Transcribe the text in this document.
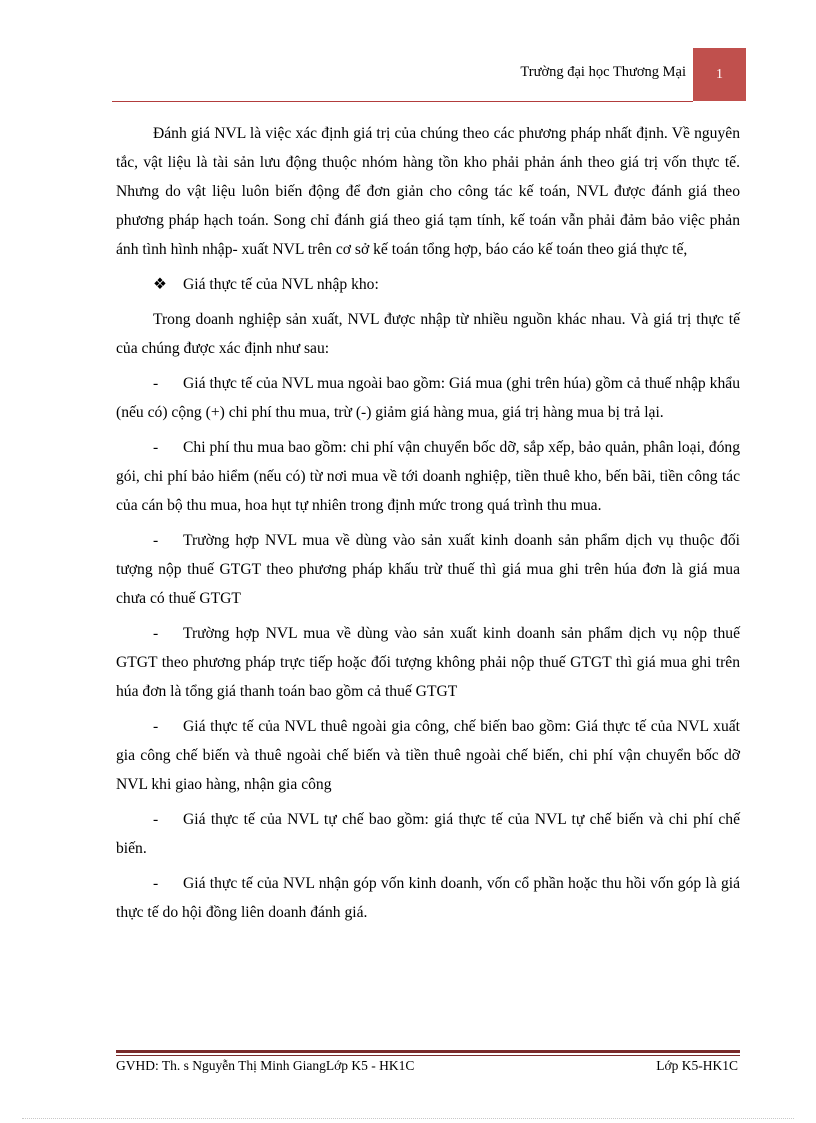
Trường đại học Thương Mại	1

Đánh giá NVL là việc xác định giá trị của chúng theo các phương pháp nhất định. Về nguyên tắc, vật liệu là tài sản lưu động thuộc nhóm hàng tồn kho phải phản ánh theo giá trị vốn thực tế. Nhưng do vật liệu luôn biến động để đơn giản cho công tác kế toán, NVL được đánh giá theo phương pháp hạch toán. Song chỉ đánh giá theo giá tạm tính, kế toán vẫn phải đảm bảo việc phản ánh tình hình nhập- xuất NVL trên cơ sở kế toán tổng hợp, báo cáo kế toán theo giá thực tế,

❖ Giá thực tế của NVL nhập kho:

Trong doanh nghiệp sản xuất, NVL được nhập từ nhiều nguồn khác nhau. Và giá trị thực tế của chúng được xác định như sau:

- Giá thực tế của NVL mua ngoài bao gồm: Giá mua (ghi trên húa) gồm cả thuế nhập khẩu (nếu có) cộng (+) chi phí thu mua, trừ (-) giảm giá hàng mua, giá trị hàng mua bị trả lại.

- Chi phí thu mua bao gồm: chi phí vận chuyển bốc dỡ, sắp xếp, bảo quản, phân loại, đóng gói, chi phí bảo hiểm (nếu có) từ nơi mua về tới doanh nghiệp, tiền thuê kho, bến bãi, tiền công tác của cán bộ thu mua, hoa hụt tự nhiên trong định mức trong quá trình thu mua.

- Trường hợp NVL mua về dùng vào sản xuất kinh doanh sản phẩm dịch vụ thuộc đối tượng nộp thuế GTGT theo phương pháp khấu trừ thuế thì giá mua ghi trên húa đơn là giá mua chưa có thuế GTGT

- Trường hợp NVL mua về dùng vào sản xuất kinh doanh sản phẩm dịch vụ nộp thuế GTGT theo phương pháp trực tiếp hoặc đối tượng không phải nộp thuế GTGT thì giá mua ghi trên húa đơn là tổng giá thanh toán bao gồm cả thuế GTGT

- Giá thực tế của NVL thuê ngoài gia công, chế biến bao gồm: Giá thực tế của NVL xuất gia công chế biến và thuê ngoài chế biến và tiền thuê ngoài chế biến, chi phí vận chuyển bốc dỡ NVL khi giao hàng, nhận gia công

- Giá thực tế của NVL tự chế bao gồm: giá thực tế của NVL tự chế biến và chi phí chế biến.

- Giá thực tế của NVL nhận góp vốn kinh doanh, vốn cổ phần hoặc thu hồi vốn góp là giá thực tế do hội đồng liên doanh đánh giá.

GVHD: Th. s Nguyễn Thị Minh GiangLớp K5 - HK1C	Lớp K5-HK1C
